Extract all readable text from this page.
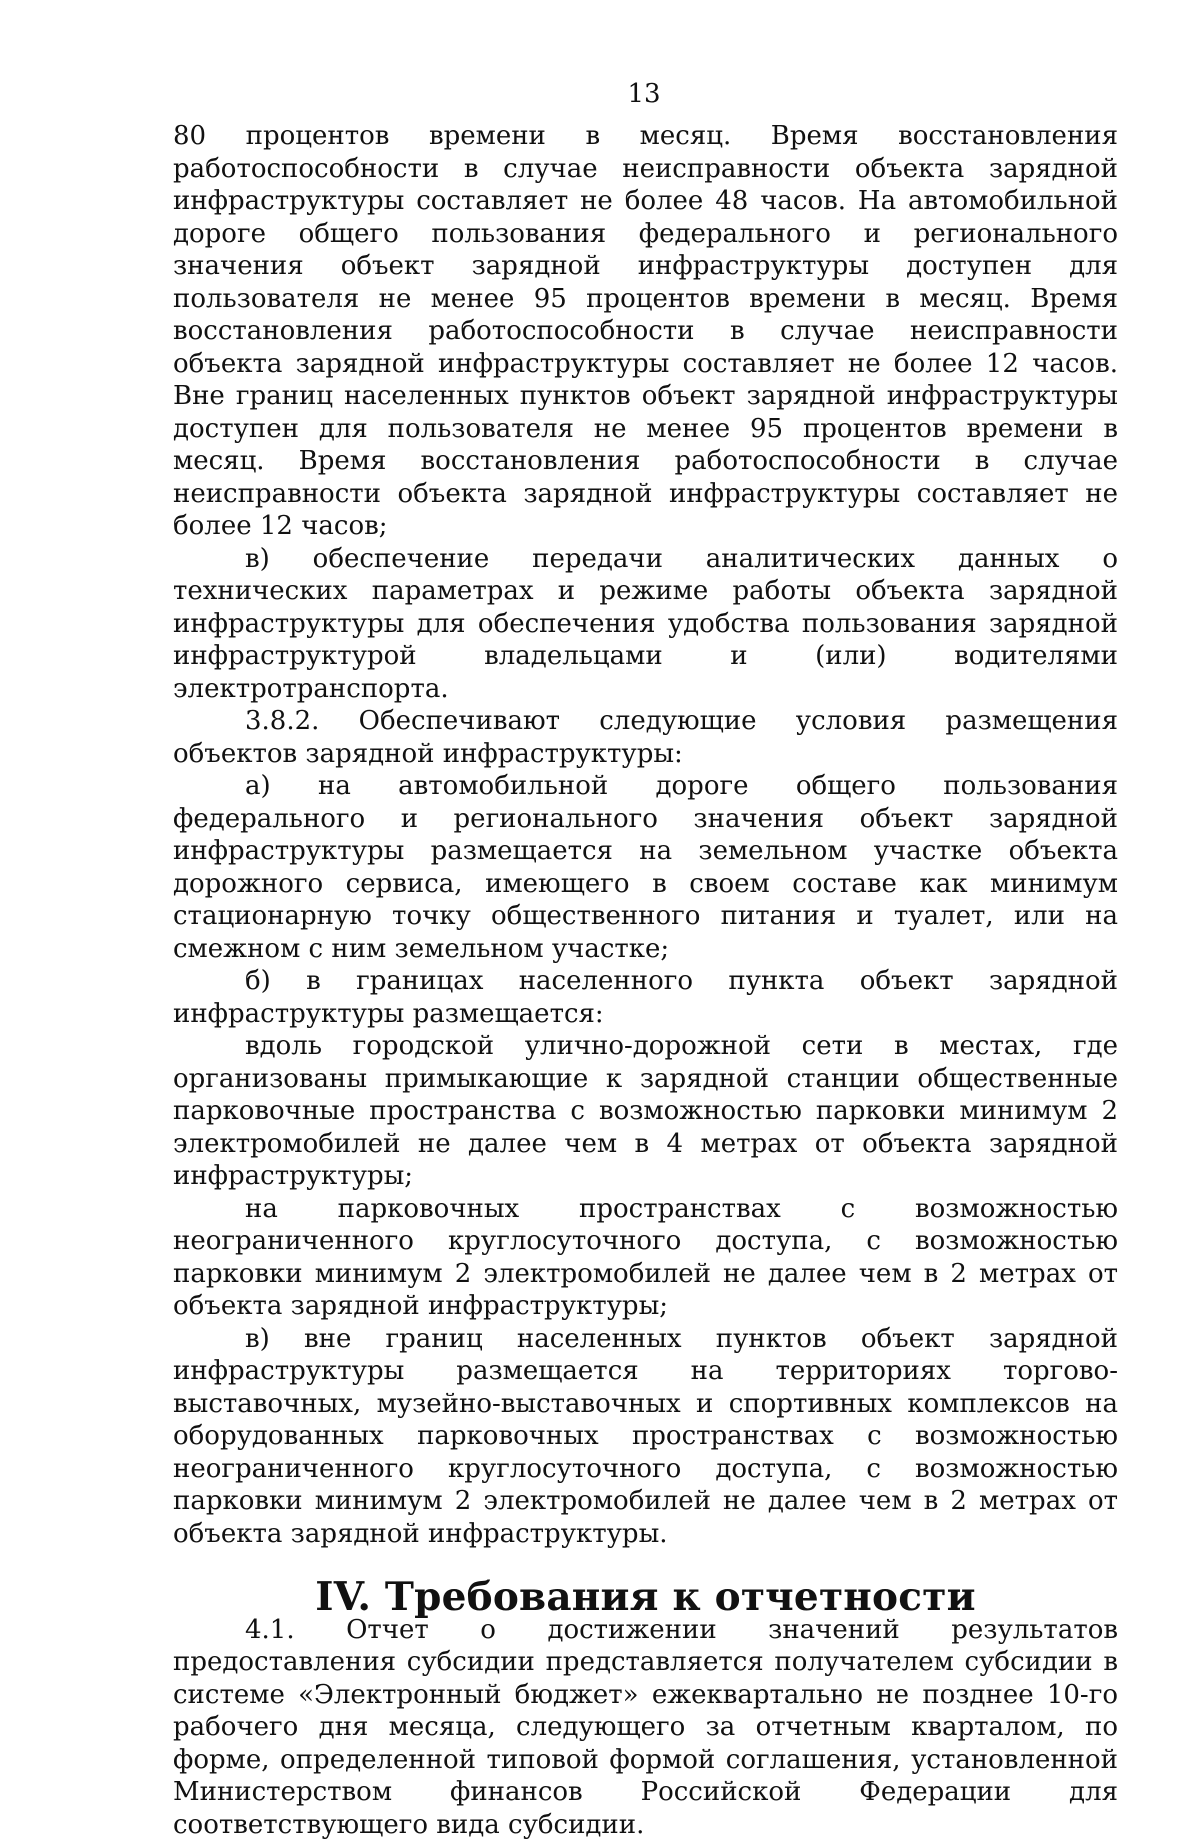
13

80 процентов времени в месяц. Время восстановления работоспособности в случае неисправности объекта зарядной инфраструктуры составляет не более 48 часов. На автомобильной дороге общего пользования федерального и регионального значения объект зарядной инфраструктуры доступен для пользователя не менее 95 процентов времени в месяц. Время восстановления работоспособности в случае неисправности объекта зарядной инфраструктуры составляет не более 12 часов. Вне границ населенных пунктов объект зарядной инфраструктуры доступен для пользователя не менее 95 процентов времени в месяц. Время восстановления работоспособности в случае неисправности объекта зарядной инфраструктуры составляет не более 12 часов;

в) обеспечение передачи аналитических данных о технических параметрах и режиме работы объекта зарядной инфраструктуры для обеспечения удобства пользования зарядной инфраструктурой владельцами и (или) водителями электротранспорта.

3.8.2. Обеспечивают следующие условия размещения объектов зарядной инфраструктуры:

а) на автомобильной дороге общего пользования федерального и регионального значения объект зарядной инфраструктуры размещается на земельном участке объекта дорожного сервиса, имеющего в своем составе как минимум стационарную точку общественного питания и туалет, или на смежном с ним земельном участке;

б) в границах населенного пункта объект зарядной инфраструктуры размещается:

вдоль городской улично-дорожной сети в местах, где организованы примыкающие к зарядной станции общественные парковочные пространства с возможностью парковки минимум 2 электромобилей не далее чем в 4 метрах от объекта зарядной инфраструктуры;

на парковочных пространствах с возможностью неограниченного круглосуточного доступа, с возможностью парковки минимум 2 электромобилей не далее чем в 2 метрах от объекта зарядной инфраструктуры;

в) вне границ населенных пунктов объект зарядной инфраструктуры размещается на территориях торгово-выставочных, музейно-выставочных и спортивных комплексов на оборудованных парковочных пространствах с возможностью неограниченного круглосуточного доступа, с возможностью парковки минимум 2 электромобилей не далее чем в 2 метрах от объекта зарядной инфраструктуры.

IV. Требования к отчетности

4.1. Отчет о достижении значений результатов предоставления субсидии представляется получателем субсидии в системе «Электронный бюджет» ежеквартально не позднее 10-го рабочего дня месяца, следующего за отчетным кварталом, по форме, определенной типовой формой соглашения, установленной Министерством финансов Российской Федерации для соответствующего вида субсидии.
